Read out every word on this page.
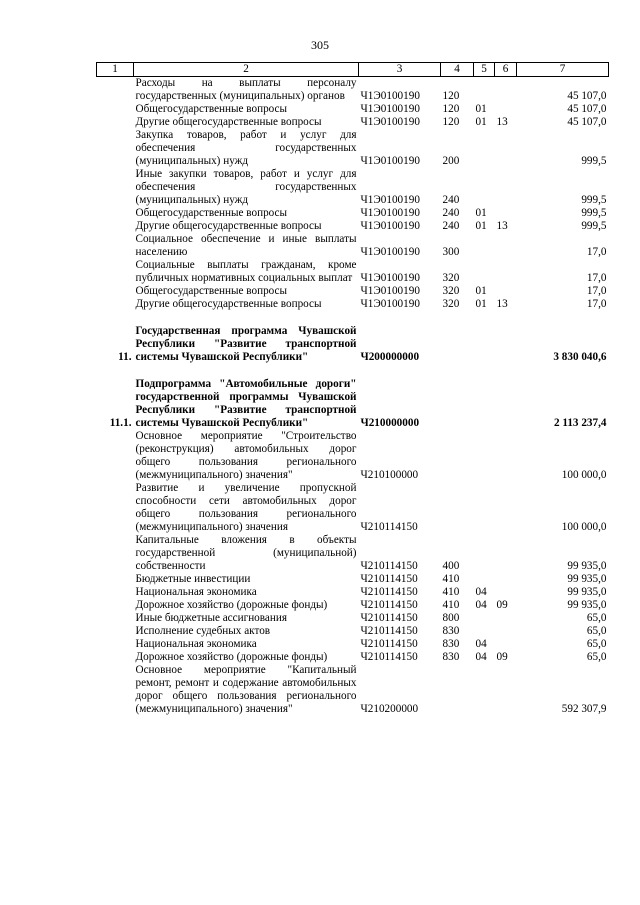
305
1	2	3	4	5	6	7
	Расходы на выплаты персоналу государственных (муниципальных) органов	Ч1Э0100190	120			45 107,0
	Общегосударственные вопросы	Ч1Э0100190	120	01		45 107,0
	Другие общегосударственные вопросы	Ч1Э0100190	120	01	13	45 107,0
	Закупка товаров, работ и услуг для обеспечения государственных (муниципальных) нужд	Ч1Э0100190	200			999,5
	Иные закупки товаров, работ и услуг для обеспечения государственных (муниципальных) нужд	Ч1Э0100190	240			999,5
	Общегосударственные вопросы	Ч1Э0100190	240	01		999,5
	Другие общегосударственные вопросы	Ч1Э0100190	240	01	13	999,5
	Социальное обеспечение и иные выплаты населению	Ч1Э0100190	300			17,0
	Социальные выплаты гражданам, кроме публичных нормативных социальных выплат	Ч1Э0100190	320			17,0
	Общегосударственные вопросы	Ч1Э0100190	320	01		17,0
	Другие общегосударственные вопросы	Ч1Э0100190	320	01	13	17,0

11.	Государственная программа Чувашской Республики "Развитие транспортной системы Чувашской Республики"	Ч200000000				3 830 040,6

11.1.	Подпрограмма "Автомобильные дороги" государственной программы Чувашской Республики "Развитие транспортной системы Чувашской Республики"	Ч210000000				2 113 237,4
	Основное мероприятие "Строительство (реконструкция) автомобильных дорог общего пользования регионального (межмуниципального) значения"	Ч210100000				100 000,0
	Развитие и увеличение пропускной способности сети автомобильных дорог общего пользования регионального (межмуниципального) значения	Ч210114150				100 000,0
	Капитальные вложения в объекты государственной (муниципальной) собственности	Ч210114150	400			99 935,0
	Бюджетные инвестиции	Ч210114150	410			99 935,0
	Национальная экономика	Ч210114150	410	04		99 935,0
	Дорожное хозяйство (дорожные фонды)	Ч210114150	410	04	09	99 935,0
	Иные бюджетные ассигнования	Ч210114150	800			65,0
	Исполнение судебных актов	Ч210114150	830			65,0
	Национальная экономика	Ч210114150	830	04		65,0
	Дорожное хозяйство (дорожные фонды)	Ч210114150	830	04	09	65,0
	Основное мероприятие "Капитальный ремонт, ремонт и содержание автомобильных дорог общего пользования регионального (межмуниципального) значения"	Ч210200000				592 307,9
